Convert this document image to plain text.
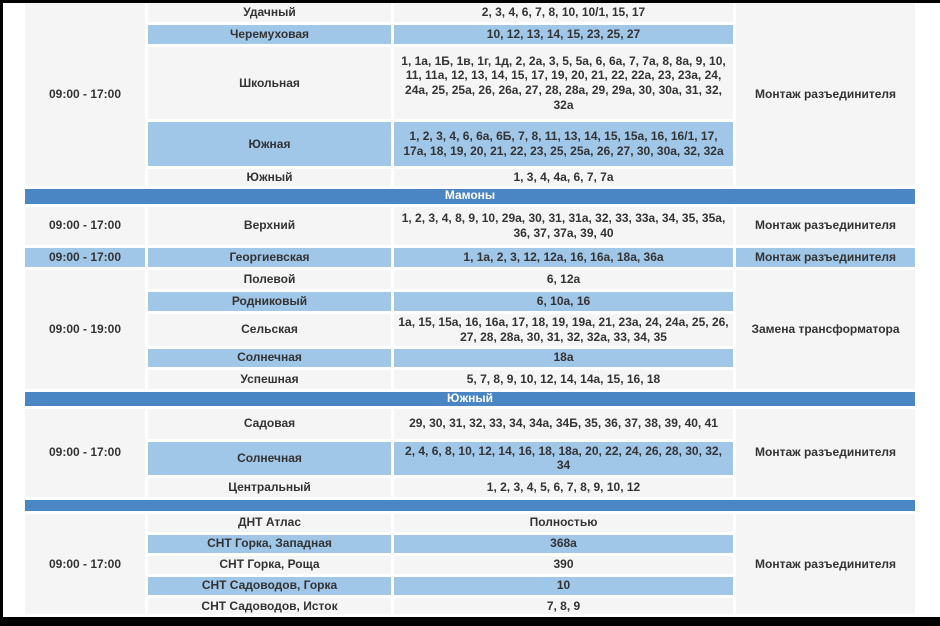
09:00 - 17:00	Удачный	2, 3, 4, 6, 7, 8, 10, 10/1, 15, 17	Монтаж разъединителя
	Черемуховая	10, 12, 13, 14, 15, 23, 25, 27	
	Школьная	1, 1а, 1Б, 1в, 1г, 1д, 2, 2а, 3, 5, 5а, 6, 6а, 7, 7а, 8, 8а, 9, 10, 11, 11а, 12, 13, 14, 15, 17, 19, 20, 21, 22, 22а, 23, 23а, 24, 24а, 25, 25а, 26, 26а, 27, 28, 28а, 29, 29а, 30, 30а, 31, 32, 32а	
	Южная	1, 2, 3, 4, 6, 6а, 6Б, 7, 8, 11, 13, 14, 15, 15а, 16, 16/1, 17, 17а, 18, 19, 20, 21, 22, 23, 25, 25а, 26, 27, 30, 30а, 32, 32а	
	Южный	1, 3, 4, 4а, 6, 7, 7а	
Мамоны			
09:00 - 17:00	Верхний	1, 2, 3, 4, 8, 9, 10, 29а, 30, 31, 31а, 32, 33, 33а, 34, 35, 35а, 36, 37, 37а, 39, 40	Монтаж разъединителя
09:00 - 17:00	Георгиевская	1, 1а, 2, 3, 12, 12а, 16, 16а, 18а, 36а	Монтаж разъединителя
09:00 - 19:00	Полевой	6, 12а	Замена трансформатора
	Родниковый	6, 10а, 16	
	Сельская	1а, 15, 15а, 16, 16а, 17, 18, 19, 19а, 21, 23а, 24, 24а, 25, 26, 27, 28, 28а, 30, 31, 32, 32а, 33, 34, 35	
	Солнечная	18а	
	Успешная	5, 7, 8, 9, 10, 12, 14, 14а, 15, 16, 18	
Южный			
09:00 - 17:00	Садовая	29, 30, 31, 32, 33, 34, 34а, 34Б, 35, 36, 37, 38, 39, 40, 41	Монтаж разъединителя
	Солнечная	2, 4, 6, 8, 10, 12, 14, 16, 18, 18а, 20, 22, 24, 26, 28, 30, 32, 34	
	Центральный	1, 2, 3, 4, 5, 6, 7, 8, 9, 10, 12	

09:00 - 17:00	ДНТ Атлас	Полностью	Монтаж разъединителя
	СНТ Горка, Западная	368а	
	СНТ Горка, Роща	390	
	СНТ Садоводов, Горка	10	
	СНТ Садоводов, Исток	7, 8, 9	
